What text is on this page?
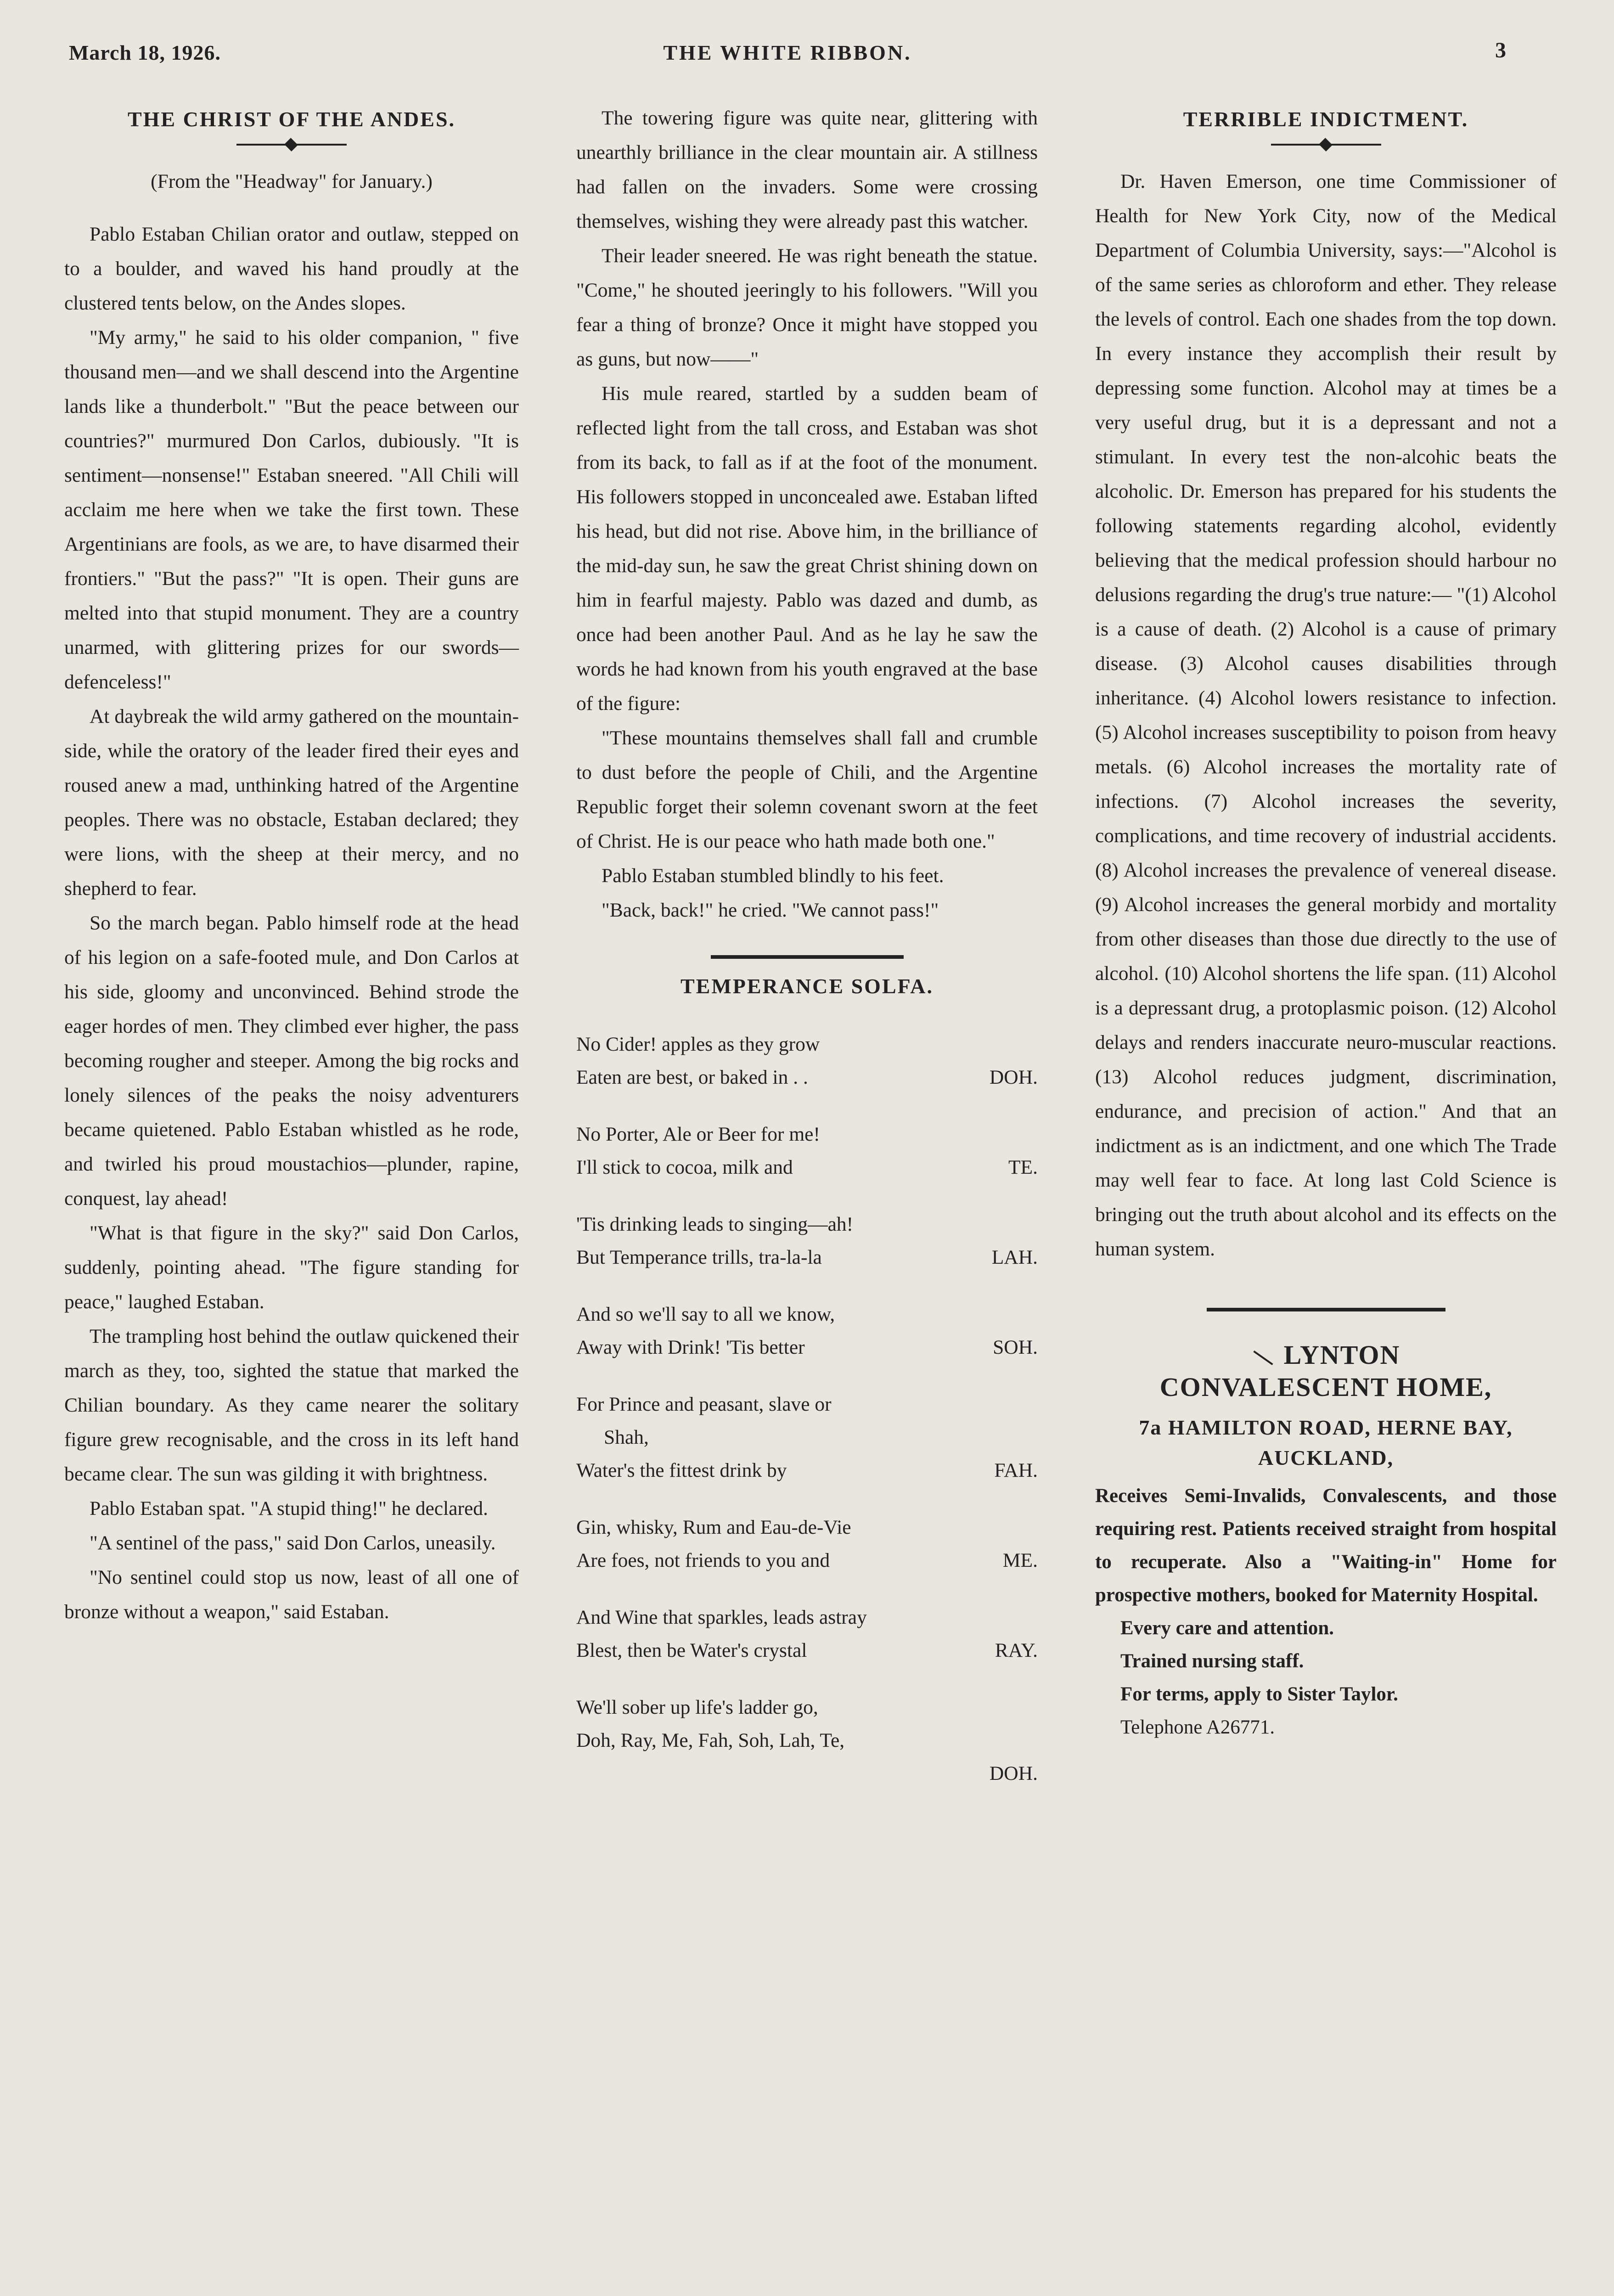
March 18, 1926.	THE WHITE RIBBON.	3
THE CHRIST OF THE ANDES.

(From the "Headway" for January.)

Pablo Estaban Chilian orator and outlaw, stepped on to a boulder, and waved his hand proudly at the clustered tents below, on the Andes slopes.

"My army," he said to his older companion, " five thousand men—and we shall descend into the Argentine lands like a thunderbolt." "But the peace between our countries?" murmured Don Carlos, dubiously. "It is sentiment—nonsense!" Estaban sneered. "All Chili will acclaim me here when we take the first town. These Argentinians are fools, as we are, to have disarmed their frontiers." "But the pass?" "It is open. Their guns are melted into that stupid monument. They are a country unarmed, with glittering prizes for our swords—defenceless!"

At daybreak the wild army gathered on the mountain-side, while the oratory of the leader fired their eyes and roused anew a mad, unthinking hatred of the Argentine peoples. There was no obstacle, Estaban declared; they were lions, with the sheep at their mercy, and no shepherd to fear.

So the march began. Pablo himself rode at the head of his legion on a safe-footed mule, and Don Carlos at his side, gloomy and unconvinced. Behind strode the eager hordes of men. They climbed ever higher, the pass becoming rougher and steeper. Among the big rocks and lonely silences of the peaks the noisy adventurers became quietened. Pablo Estaban whistled as he rode, and twirled his proud moustachios—plunder, rapine, conquest, lay ahead!

"What is that figure in the sky?" said Don Carlos, suddenly, pointing ahead. "The figure standing for peace," laughed Estaban.

The trampling host behind the outlaw quickened their march as they, too, sighted the statue that marked the Chilian boundary. As they came nearer the solitary figure grew recognisable, and the cross in its left hand became clear. The sun was gilding it with brightness.

Pablo Estaban spat. "A stupid thing!" he declared.

"A sentinel of the pass," said Don Carlos, uneasily.

"No sentinel could stop us now, least of all one of bronze without a weapon," said Estaban.

The towering figure was quite near, glittering with unearthly brilliance in the clear mountain air. A stillness had fallen on the invaders. Some were crossing themselves, wishing they were already past this watcher.

Their leader sneered. He was right beneath the statue. "Come," he shouted jeeringly to his followers. "Will you fear a thing of bronze? Once it might have stopped you as guns, but now——"

His mule reared, startled by a sudden beam of reflected light from the tall cross, and Estaban was shot from its back, to fall as if at the foot of the monument. His followers stopped in unconcealed awe. Estaban lifted his head, but did not rise. Above him, in the brilliance of the mid-day sun, he saw the great Christ shining down on him in fearful majesty. Pablo was dazed and dumb, as once had been another Paul. And as he lay he saw the words he had known from his youth engraved at the base of the figure:

"These mountains themselves shall fall and crumble to dust before the people of Chili, and the Argentine Republic forget their solemn covenant sworn at the feet of Christ. He is our peace who hath made both one."

Pablo Estaban stumbled blindly to his feet.

"Back, back!" he cried. "We cannot pass!"

TEMPERANCE SOLFA.
No Cider! apples as they grow
Eaten are best, or baked in . .	DOH.
No Porter, Ale or Beer for me!
I'll stick to cocoa, milk and	TE.
'Tis drinking leads to singing—ah!
But Temperance trills, tra-la-la	LAH.
And so we'll say to all we know,
Away with Drink! 'Tis better	SOH.
For Prince and peasant, slave or
Shah,
Water's the fittest drink by	FAH.
Gin, whisky, Rum and Eau-de-Vie
Are foes, not friends to you and	ME.
And Wine that sparkles, leads astray
Blest, then be Water's crystal	RAY.
We'll sober up life's ladder go,
Doh, Ray, Me, Fah, Soh, Lah, Te,
DOH.
TERRIBLE INDICTMENT.

Dr. Haven Emerson, one time Commissioner of Health for New York City, now of the Medical Department of Columbia University, says:—"Alcohol is of the same series as chloroform and ether. They release the levels of control. Each one shades from the top down. In every instance they accomplish their result by depressing some function. Alcohol may at times be a very useful drug, but it is a depressant and not a stimulant. In every test the non-alcohic beats the alcoholic. Dr. Emerson has prepared for his students the following statements regarding alcohol, evidently believing that the medical profession should harbour no delusions regarding the drug's true nature:— "(1) Alcohol is a cause of death. (2) Alcohol is a cause of primary disease. (3) Alcohol causes disabilities through inheritance. (4) Alcohol lowers resistance to infection. (5) Alcohol increases susceptibility to poison from heavy metals. (6) Alcohol increases the mortality rate of infections. (7) Alcohol increases the severity, complications, and time recovery of industrial accidents. (8) Alcohol increases the prevalence of venereal disease. (9) Alcohol increases the general morbidy and mortality from other diseases than those due directly to the use of alcohol. (10) Alcohol shortens the life span. (11) Alcohol is a depressant drug, a protoplasmic poison. (12) Alcohol delays and renders inaccurate neuro-muscular reactions. (13) Alcohol reduces judgment, discrimination, endurance, and precision of action." And that an indictment as is an indictment, and one which The Trade may well fear to face. At long last Cold Science is bringing out the truth about alcohol and its effects on the human system.

LYNTON
CONVALESCENT HOME,
7a HAMILTON ROAD, HERNE BAY,
AUCKLAND,

Receives Semi-Invalids, Convalescents, and those requiring rest. Patients received straight from hospital to recuperate. Also a "Waiting-in" Home for prospective mothers, booked for Maternity Hospital.

Every care and attention.

Trained nursing staff.

For terms, apply to Sister Taylor.

Telephone A26771.
